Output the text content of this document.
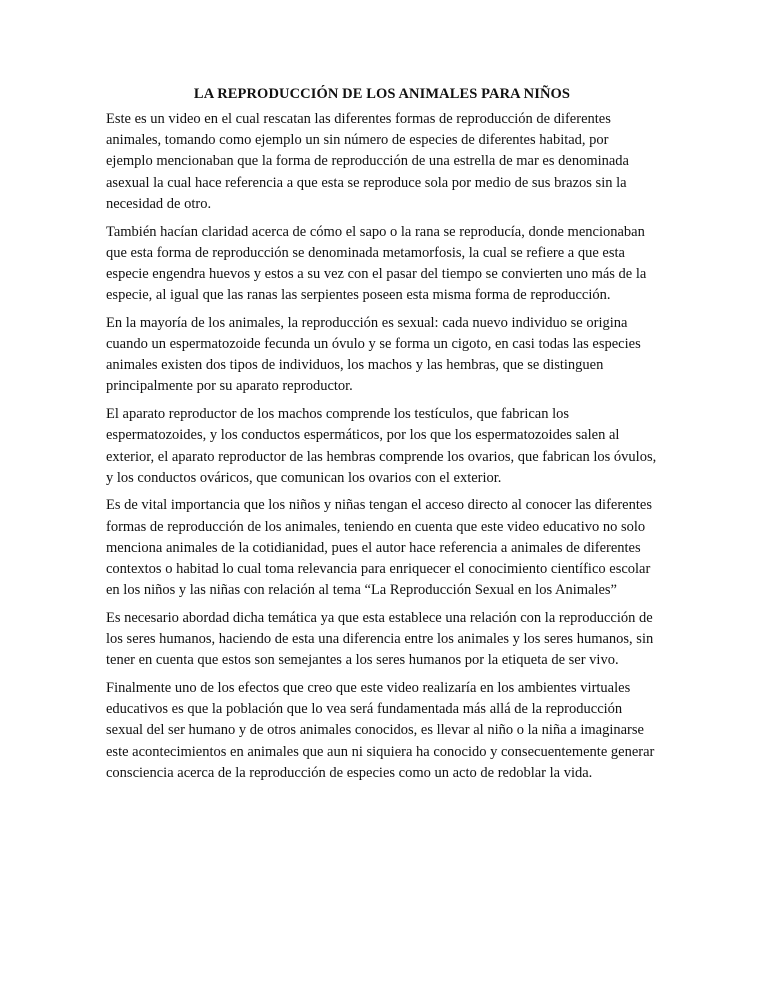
LA REPRODUCCIÓN DE LOS ANIMALES PARA NIÑOS

Este es un video en el cual rescatan las diferentes formas de reproducción de diferentes animales, tomando como ejemplo un sin número de especies de diferentes habitad, por ejemplo mencionaban que la forma de reproducción de una estrella de mar es denominada asexual la cual hace referencia a que esta se reproduce sola por medio de sus brazos sin la necesidad de otro.

También hacían claridad acerca de cómo el sapo o la rana se reproducía, donde mencionaban que esta forma de reproducción se denominada metamorfosis, la cual se refiere a que esta especie engendra huevos y estos a su vez con el pasar del tiempo se convierten uno más de la especie, al igual que las ranas las serpientes poseen esta misma forma de reproducción.

En la mayoría de los animales, la reproducción es sexual: cada nuevo individuo se origina cuando un espermatozoide fecunda un óvulo y se forma un cigoto, en casi todas las especies animales existen dos tipos de individuos, los machos y las hembras, que se distinguen principalmente por su aparato reproductor.

El aparato reproductor de los machos comprende los testículos, que fabrican los espermatozoides, y los conductos espermáticos, por los que los espermatozoides salen al exterior, el aparato reproductor de las hembras comprende los ovarios, que fabrican los óvulos, y los conductos ováricos, que comunican los ovarios con el exterior.

Es de vital importancia que los niños y niñas tengan el acceso directo al conocer las diferentes formas de reproducción de los animales, teniendo en cuenta que este video educativo no solo menciona animales de la cotidianidad, pues el autor hace referencia a animales de diferentes contextos o habitad lo cual toma relevancia para enriquecer el conocimiento científico escolar en los niños y las niñas con relación al tema “La Reproducción Sexual en los Animales”

Es necesario abordad dicha temática ya que esta establece una relación con la reproducción de los seres humanos, haciendo de esta una diferencia entre los animales y los seres humanos, sin tener en cuenta que estos son semejantes a los seres humanos por la etiqueta de ser vivo.

Finalmente uno de los efectos que creo que este video realizaría en los ambientes virtuales educativos es que la población que lo vea será fundamentada más allá de la reproducción sexual del ser humano y de otros animales conocidos, es llevar al niño o la niña a imaginarse este acontecimientos en animales que aun ni siquiera ha conocido y consecuentemente generar consciencia acerca de la reproducción de especies como un acto de redoblar la vida.
